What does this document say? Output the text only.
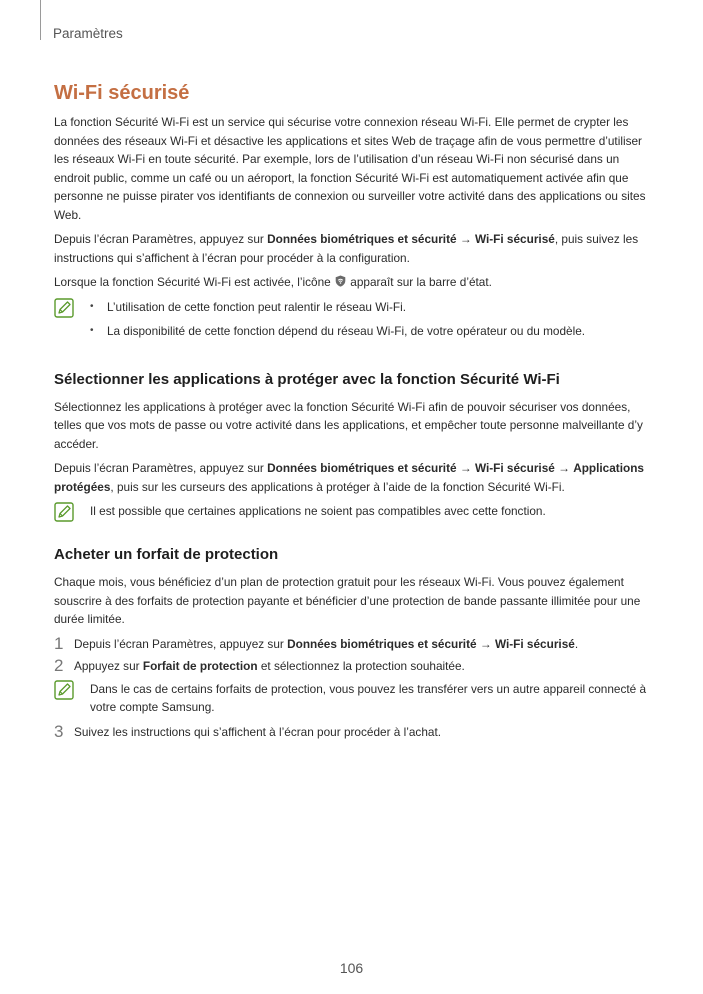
Paramètres
Wi-Fi sécurisé

La fonction Sécurité Wi-Fi est un service qui sécurise votre connexion réseau Wi-Fi. Elle permet de crypter les données des réseaux Wi-Fi et désactive les applications et sites Web de traçage afin de vous permettre d’utiliser les réseaux Wi-Fi en toute sécurité. Par exemple, lors de l’utilisation d’un réseau Wi-Fi non sécurisé dans un endroit public, comme un café ou un aéroport, la fonction Sécurité Wi-Fi est automatiquement activée afin que personne ne puisse pirater vos identifiants de connexion ou surveiller votre activité dans des applications ou sites Web.

Depuis l’écran Paramètres, appuyez sur Données biométriques et sécurité → Wi-Fi sécurisé, puis suivez les instructions qui s’affichent à l’écran pour procéder à la configuration.

Lorsque la fonction Sécurité Wi-Fi est activée, l’icône  apparaît sur la barre d’état.

• L’utilisation de cette fonction peut ralentir le réseau Wi-Fi.
• La disponibilité de cette fonction dépend du réseau Wi-Fi, de votre opérateur ou du modèle.
Sélectionner les applications à protéger avec la fonction Sécurité Wi-Fi

Sélectionnez les applications à protéger avec la fonction Sécurité Wi-Fi afin de pouvoir sécuriser vos données, telles que vos mots de passe ou votre activité dans les applications, et empêcher toute personne malveillante d’y accéder.

Depuis l’écran Paramètres, appuyez sur Données biométriques et sécurité → Wi-Fi sécurisé → Applications protégées, puis sur les curseurs des applications à protéger à l’aide de la fonction Sécurité Wi-Fi.

Il est possible que certaines applications ne soient pas compatibles avec cette fonction.

Acheter un forfait de protection

Chaque mois, vous bénéficiez d’un plan de protection gratuit pour les réseaux Wi-Fi. Vous pouvez également souscrire à des forfaits de protection payante et bénéficier d’une protection de bande passante illimitée pour une durée limitée.

1 Depuis l’écran Paramètres, appuyez sur Données biométriques et sécurité → Wi-Fi sécurisé.

2 Appuyez sur Forfait de protection et sélectionnez la protection souhaitée.

Dans le cas de certains forfaits de protection, vous pouvez les transférer vers un autre appareil connecté à votre compte Samsung.

3 Suivez les instructions qui s’affichent à l’écran pour procéder à l’achat.

106
